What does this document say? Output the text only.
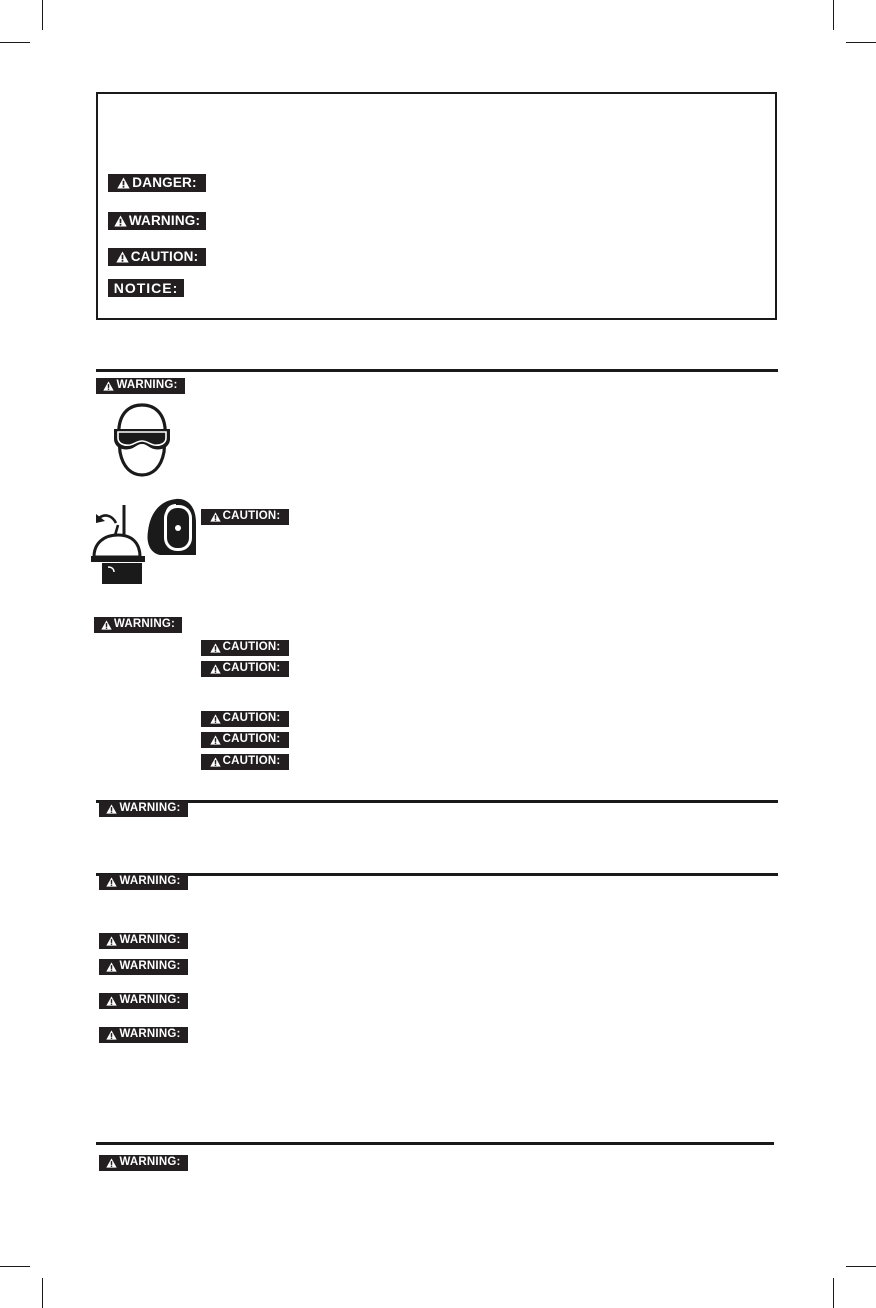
DANGER:
WARNING:
CAUTION:
NOTICE:
WARNING:
CAUTION:
WARNING:
CAUTION:
CAUTION:
CAUTION:
CAUTION:
CAUTION:
WARNING:
WARNING:
WARNING:
WARNING:
WARNING:
WARNING:
WARNING:
